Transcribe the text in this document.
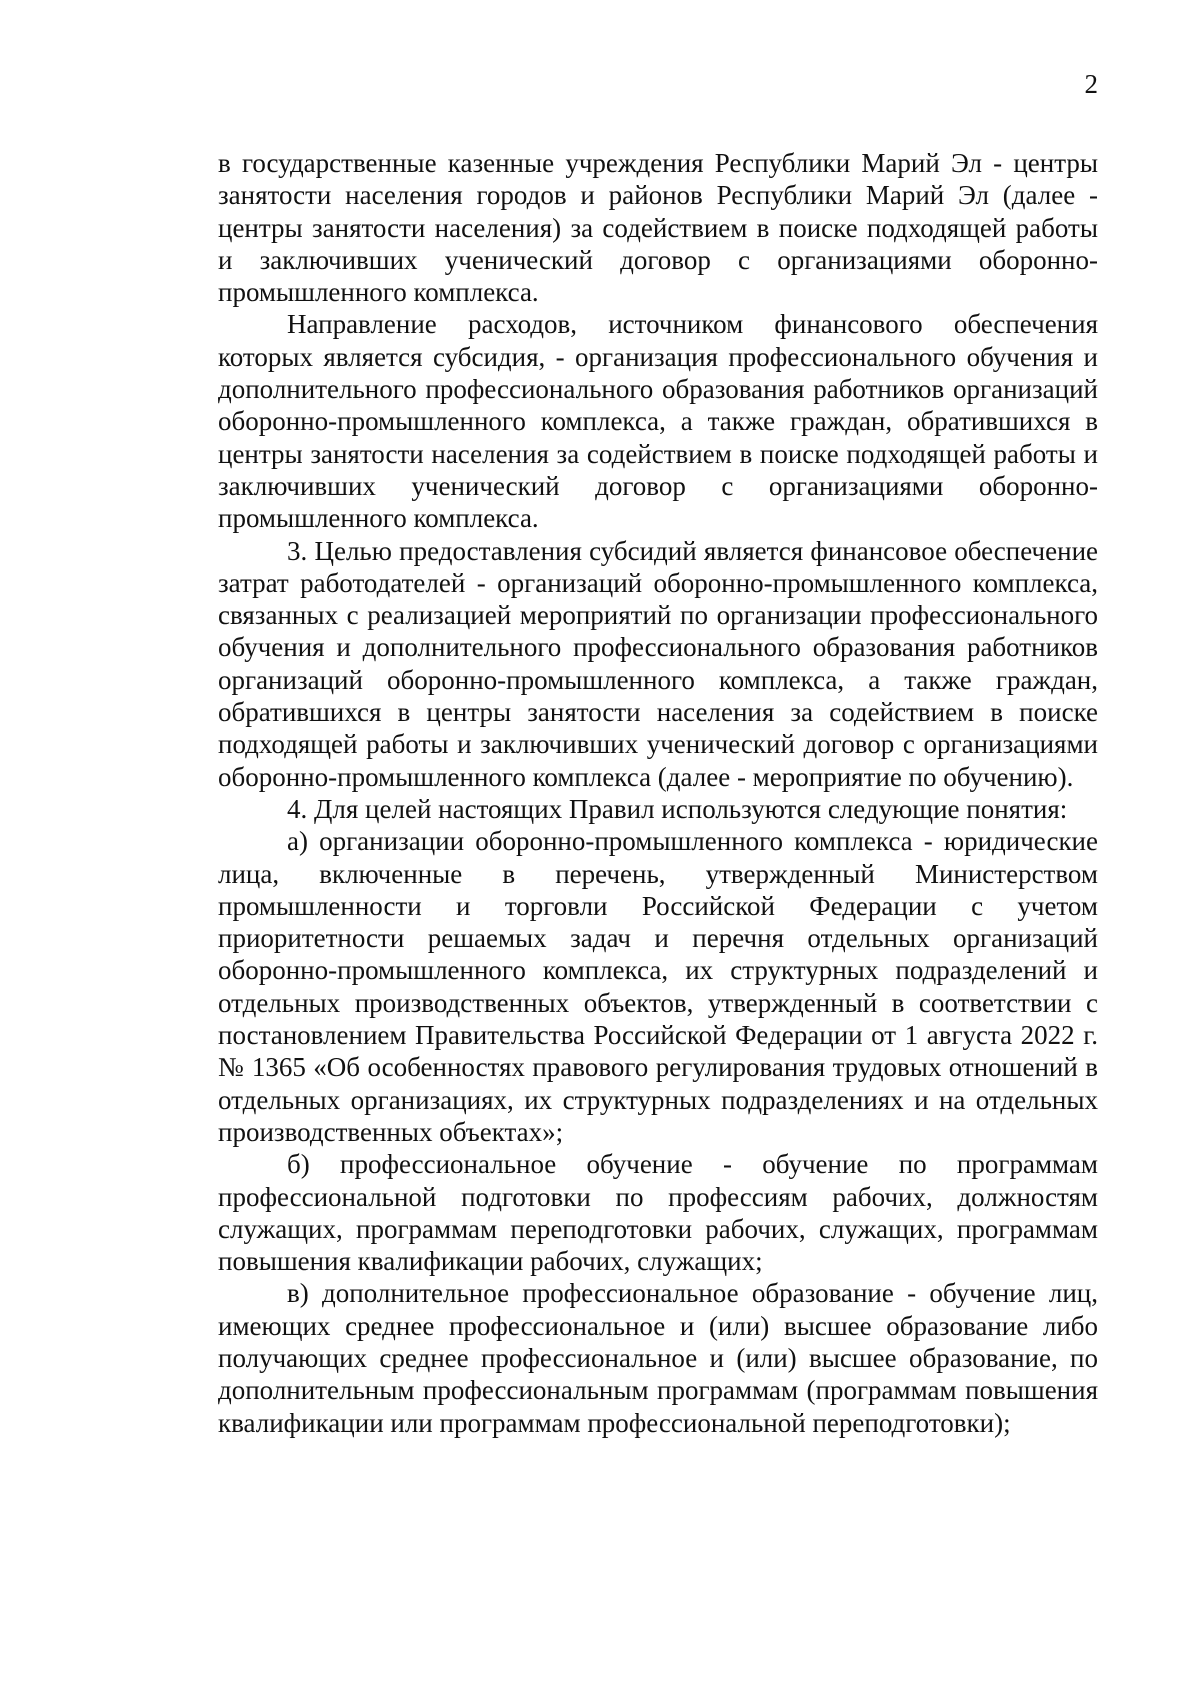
2

в государственные казенные учреждения Республики Марий Эл - центры занятости населения городов и районов Республики Марий Эл (далее - центры занятости населения) за содействием в поиске подходящей работы и заключивших ученический договор с организациями оборонно-промышленного комплекса.

Направление расходов, источником финансового обеспечения которых является субсидия, - организация профессионального обучения и дополнительного профессионального образования работников организаций оборонно-промышленного комплекса, а также граждан, обратившихся в центры занятости населения за содействием в поиске подходящей работы и заключивших ученический договор с организациями оборонно-промышленного комплекса.

3. Целью предоставления субсидий является финансовое обеспечение затрат работодателей - организаций оборонно-промышленного комплекса, связанных с реализацией мероприятий по организации профессионального обучения и дополнительного профессионального образования работников организаций оборонно-промышленного комплекса, а также граждан, обратившихся в центры занятости населения за содействием в поиске подходящей работы и заключивших ученический договор с организациями оборонно-промышленного комплекса (далее - мероприятие по обучению).

4. Для целей настоящих Правил используются следующие понятия:

а) организации оборонно-промышленного комплекса - юридические лица, включенные в перечень, утвержденный Министерством промышленности и торговли Российской Федерации с учетом приоритетности решаемых задач и перечня отдельных организаций оборонно-промышленного комплекса, их структурных подразделений и отдельных производственных объектов, утвержденный в соответствии с постановлением Правительства Российской Федерации от 1 августа 2022 г. № 1365 «Об особенностях правового регулирования трудовых отношений в отдельных организациях, их структурных подразделениях и на отдельных производственных объектах»;

б) профессиональное обучение - обучение по программам профессиональной подготовки по профессиям рабочих, должностям служащих, программам переподготовки рабочих, служащих, программам повышения квалификации рабочих, служащих;

в) дополнительное профессиональное образование - обучение лиц, имеющих среднее профессиональное и (или) высшее образование либо получающих среднее профессиональное и (или) высшее образование, по дополнительным профессиональным программам (программам повышения квалификации или программам профессиональной переподготовки);
